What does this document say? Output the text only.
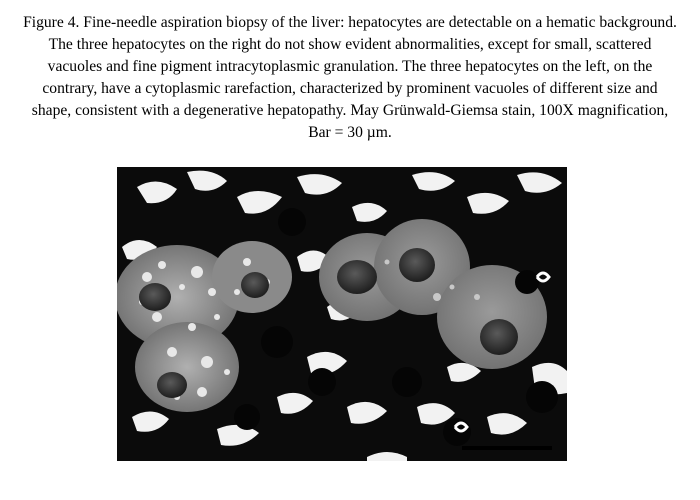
Figure 4. Fine-needle aspiration biopsy of the liver: hepatocytes are detectable on a hematic background. The three hepatocytes on the right do not show evident abnormalities, except for small, scattered vacuoles and fine pigment intracytoplasmic granulation. The three hepatocytes on the left, on the contrary, have a cytoplasmic rarefaction, characterized by prominent vacuoles of different size and shape, consistent with a degenerative hepatopathy. May Grünwald-Giemsa stain, 100X magnification, Bar = 30 µm.
